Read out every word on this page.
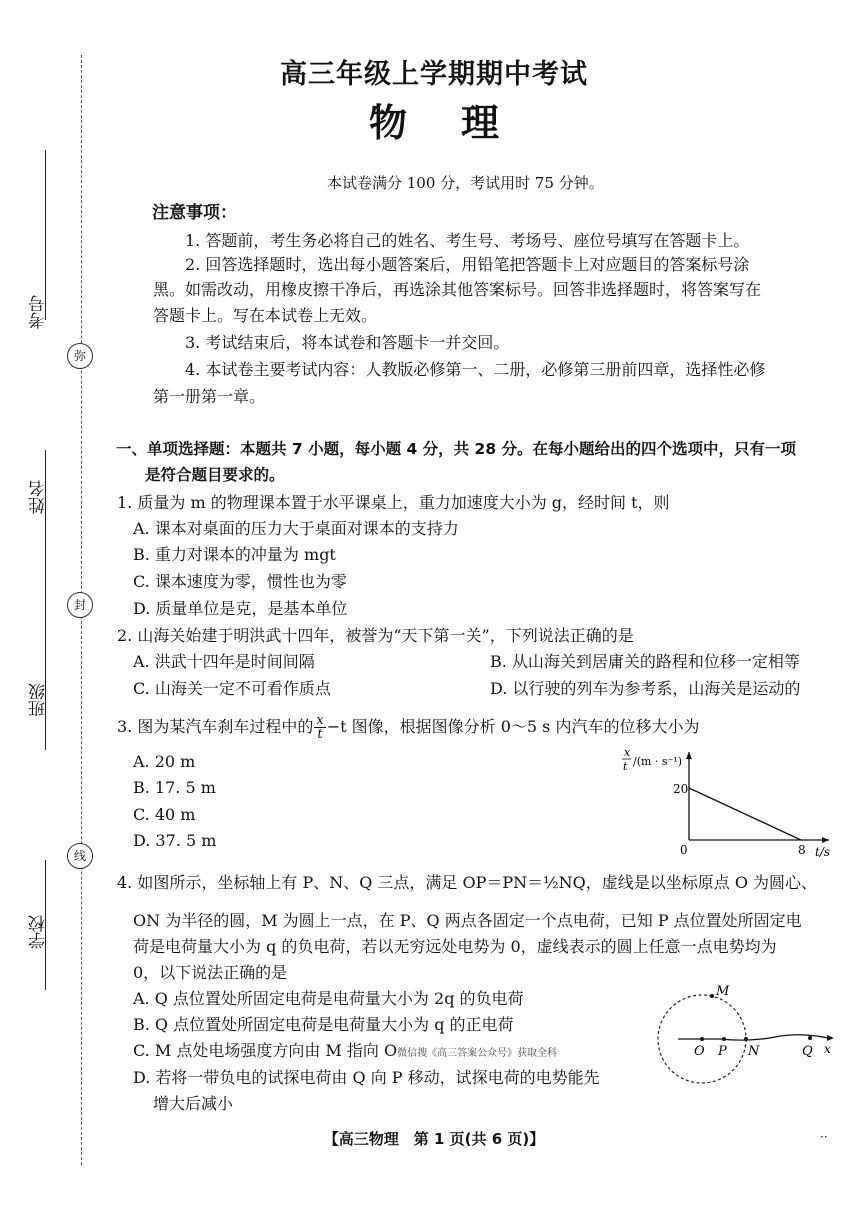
考号
姓名
班级
学校
弥
封
线
高三年级上学期期中考试
物理
本试卷满分 100 分，考试用时 75 分钟。
注意事项：
1. 答题前，考生务必将自己的姓名、考生号、考场号、座位号填写在答题卡上。
2. 回答选择题时，选出每小题答案后，用铅笔把答题卡上对应题目的答案标号涂
黑。如需改动，用橡皮擦干净后，再选涂其他答案标号。回答非选择题时，将答案写在
答题卡上。写在本试卷上无效。
3. 考试结束后，将本试卷和答题卡一并交回。
4. 本试卷主要考试内容：人教版必修第一、二册，必修第三册前四章，选择性必修
第一册第一章。
一、单项选择题：本题共 7 小题，每小题 4 分，共 28 分。在每小题给出的四个选项中，只有一项
是符合题目要求的。
1. 质量为 m 的物理课本置于水平课桌上，重力加速度大小为 g，经时间 t，则
A. 课本对桌面的压力大于桌面对课本的支持力
B. 重力对课本的冲量为 mgt
C. 课本速度为零，惯性也为零
D. 质量单位是克，是基本单位
2. 山海关始建于明洪武十四年，被誉为“天下第一关”，下列说法正确的是
A. 洪武十四年是时间间隔	B. 从山海关到居庸关的路程和位移一定相等
C. 山海关一定不可看作质点	D. 以行驶的列车为参考系，山海关是运动的
3. 图为某汽车刹车过程中的 $\frac{x}{t} -t$ 图像，根据图像分析 0～5 s 内汽车的位移大小为
A. 20 m
B. 17. 5 m
C. 40 m
D. 37. 5 m
x
t /(m · s⁻¹)
20
0	8 t/s
4. 如图所示，坐标轴上有 P、N、Q 三点，满足 OP＝PN＝½NQ，虚线是以坐标原点 O 为圆心、
ON 为半径的圆，M 为圆上一点，在 P、Q 两点各固定一个点电荷，已知 P 点位置处所固定电
荷是电荷量大小为 q 的负电荷，若以无穷远处电势为 0，虚线表示的圆上任意一点电势均为
0，以下说法正确的是
A. Q 点位置处所固定电荷是电荷量大小为 2q 的负电荷
B. Q 点位置处所固定电荷是电荷量大小为 q 的正电荷
C. M 点处电场强度方向由 M 指向 O微信搜《高三答案公众号》获取全科
D. 若将一带负电的试探电荷由 Q 向 P 移动，试探电荷的电势能先
增大后减小
M
O P N	Q x
【高三物理　第 1 页(共 6 页)】	··
